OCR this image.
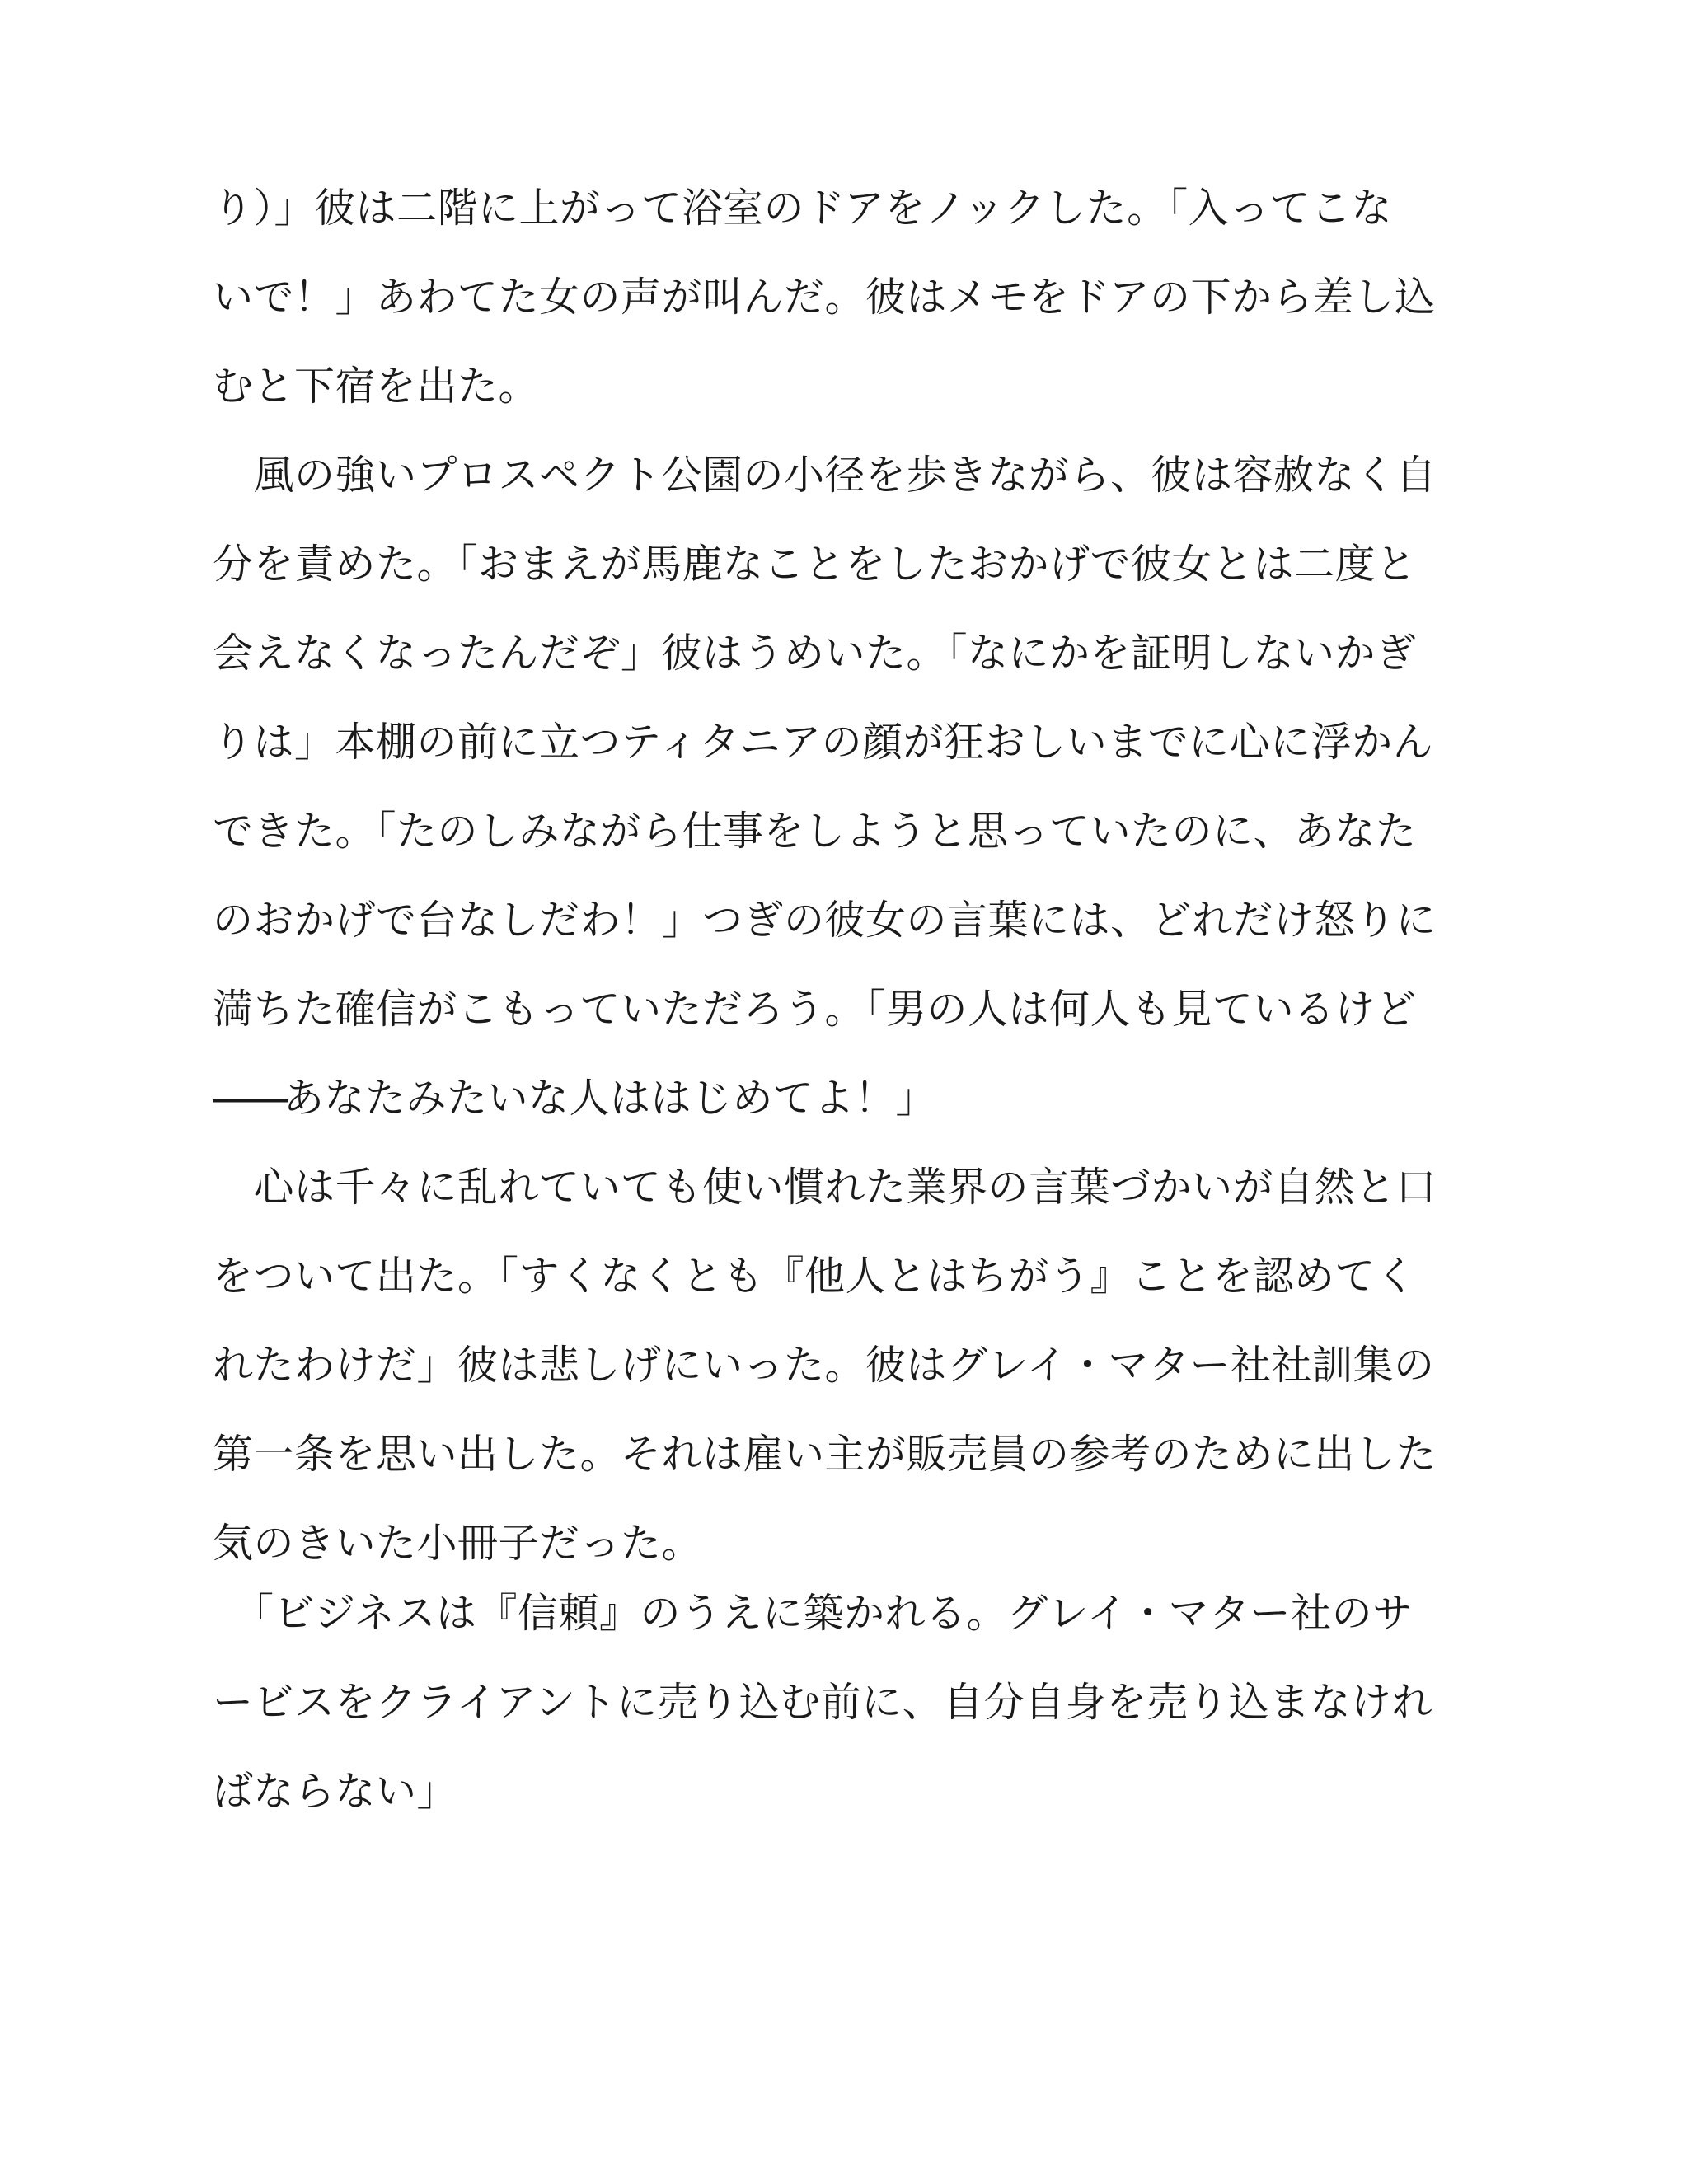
り）」彼は二階に上がって浴室のドアをノックした。「入ってこな
いで！」あわてた女の声が叫んだ。彼はメモをドアの下から差し込
むと下宿を出た。
　風の強いプロスペクト公園の小径を歩きながら、彼は容赦なく自
分を責めた。「おまえが馬鹿なことをしたおかげで彼女とは二度と
会えなくなったんだぞ」彼はうめいた。「なにかを証明しないかぎ
りは」本棚の前に立つティタニアの顔が狂おしいまでに心に浮かん
できた。「たのしみながら仕事をしようと思っていたのに、あなた
のおかげで台なしだわ！」つぎの彼女の言葉には、どれだけ怒りに
満ちた確信がこもっていただろう。「男の人は何人も見ているけど
――あなたみたいな人ははじめてよ！」
　心は千々に乱れていても使い慣れた業界の言葉づかいが自然と口
をついて出た。「すくなくとも『他人とはちがう』ことを認めてく
れたわけだ」彼は悲しげにいった。彼はグレイ・マター社社訓集の
第一条を思い出した。それは雇い主が販売員の参考のために出した
気のきいた小冊子だった。
　「ビジネスは『信頼』のうえに築かれる。グレイ・マター社のサ
ービスをクライアントに売り込む前に、自分自身を売り込まなけれ
ばならない」
